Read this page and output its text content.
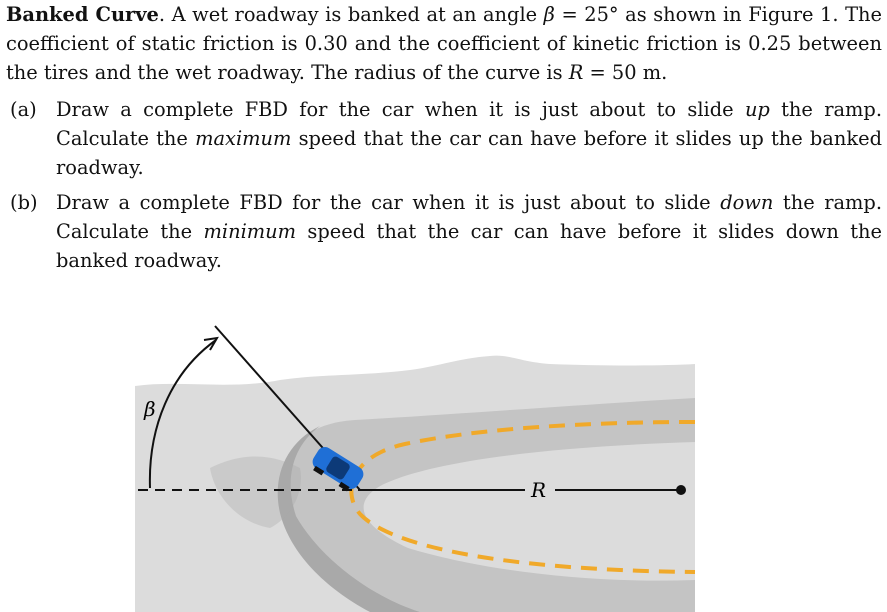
Banked Curve. A wet roadway is banked at an angle β = 25° as shown in Figure 1. The coefficient of static friction is 0.30 and the coefficient of kinetic friction is 0.25 between the tires and the wet roadway. The radius of the curve is R = 50 m.

(a) Draw a complete FBD for the car when it is just about to slide up the ramp. Calculate the maximum speed that the car can have before it slides up the banked roadway.
(b) Draw a complete FBD for the car when it is just about to slide down the ramp. Calculate the minimum speed that the car can have before it slides down the banked roadway.
R
β
